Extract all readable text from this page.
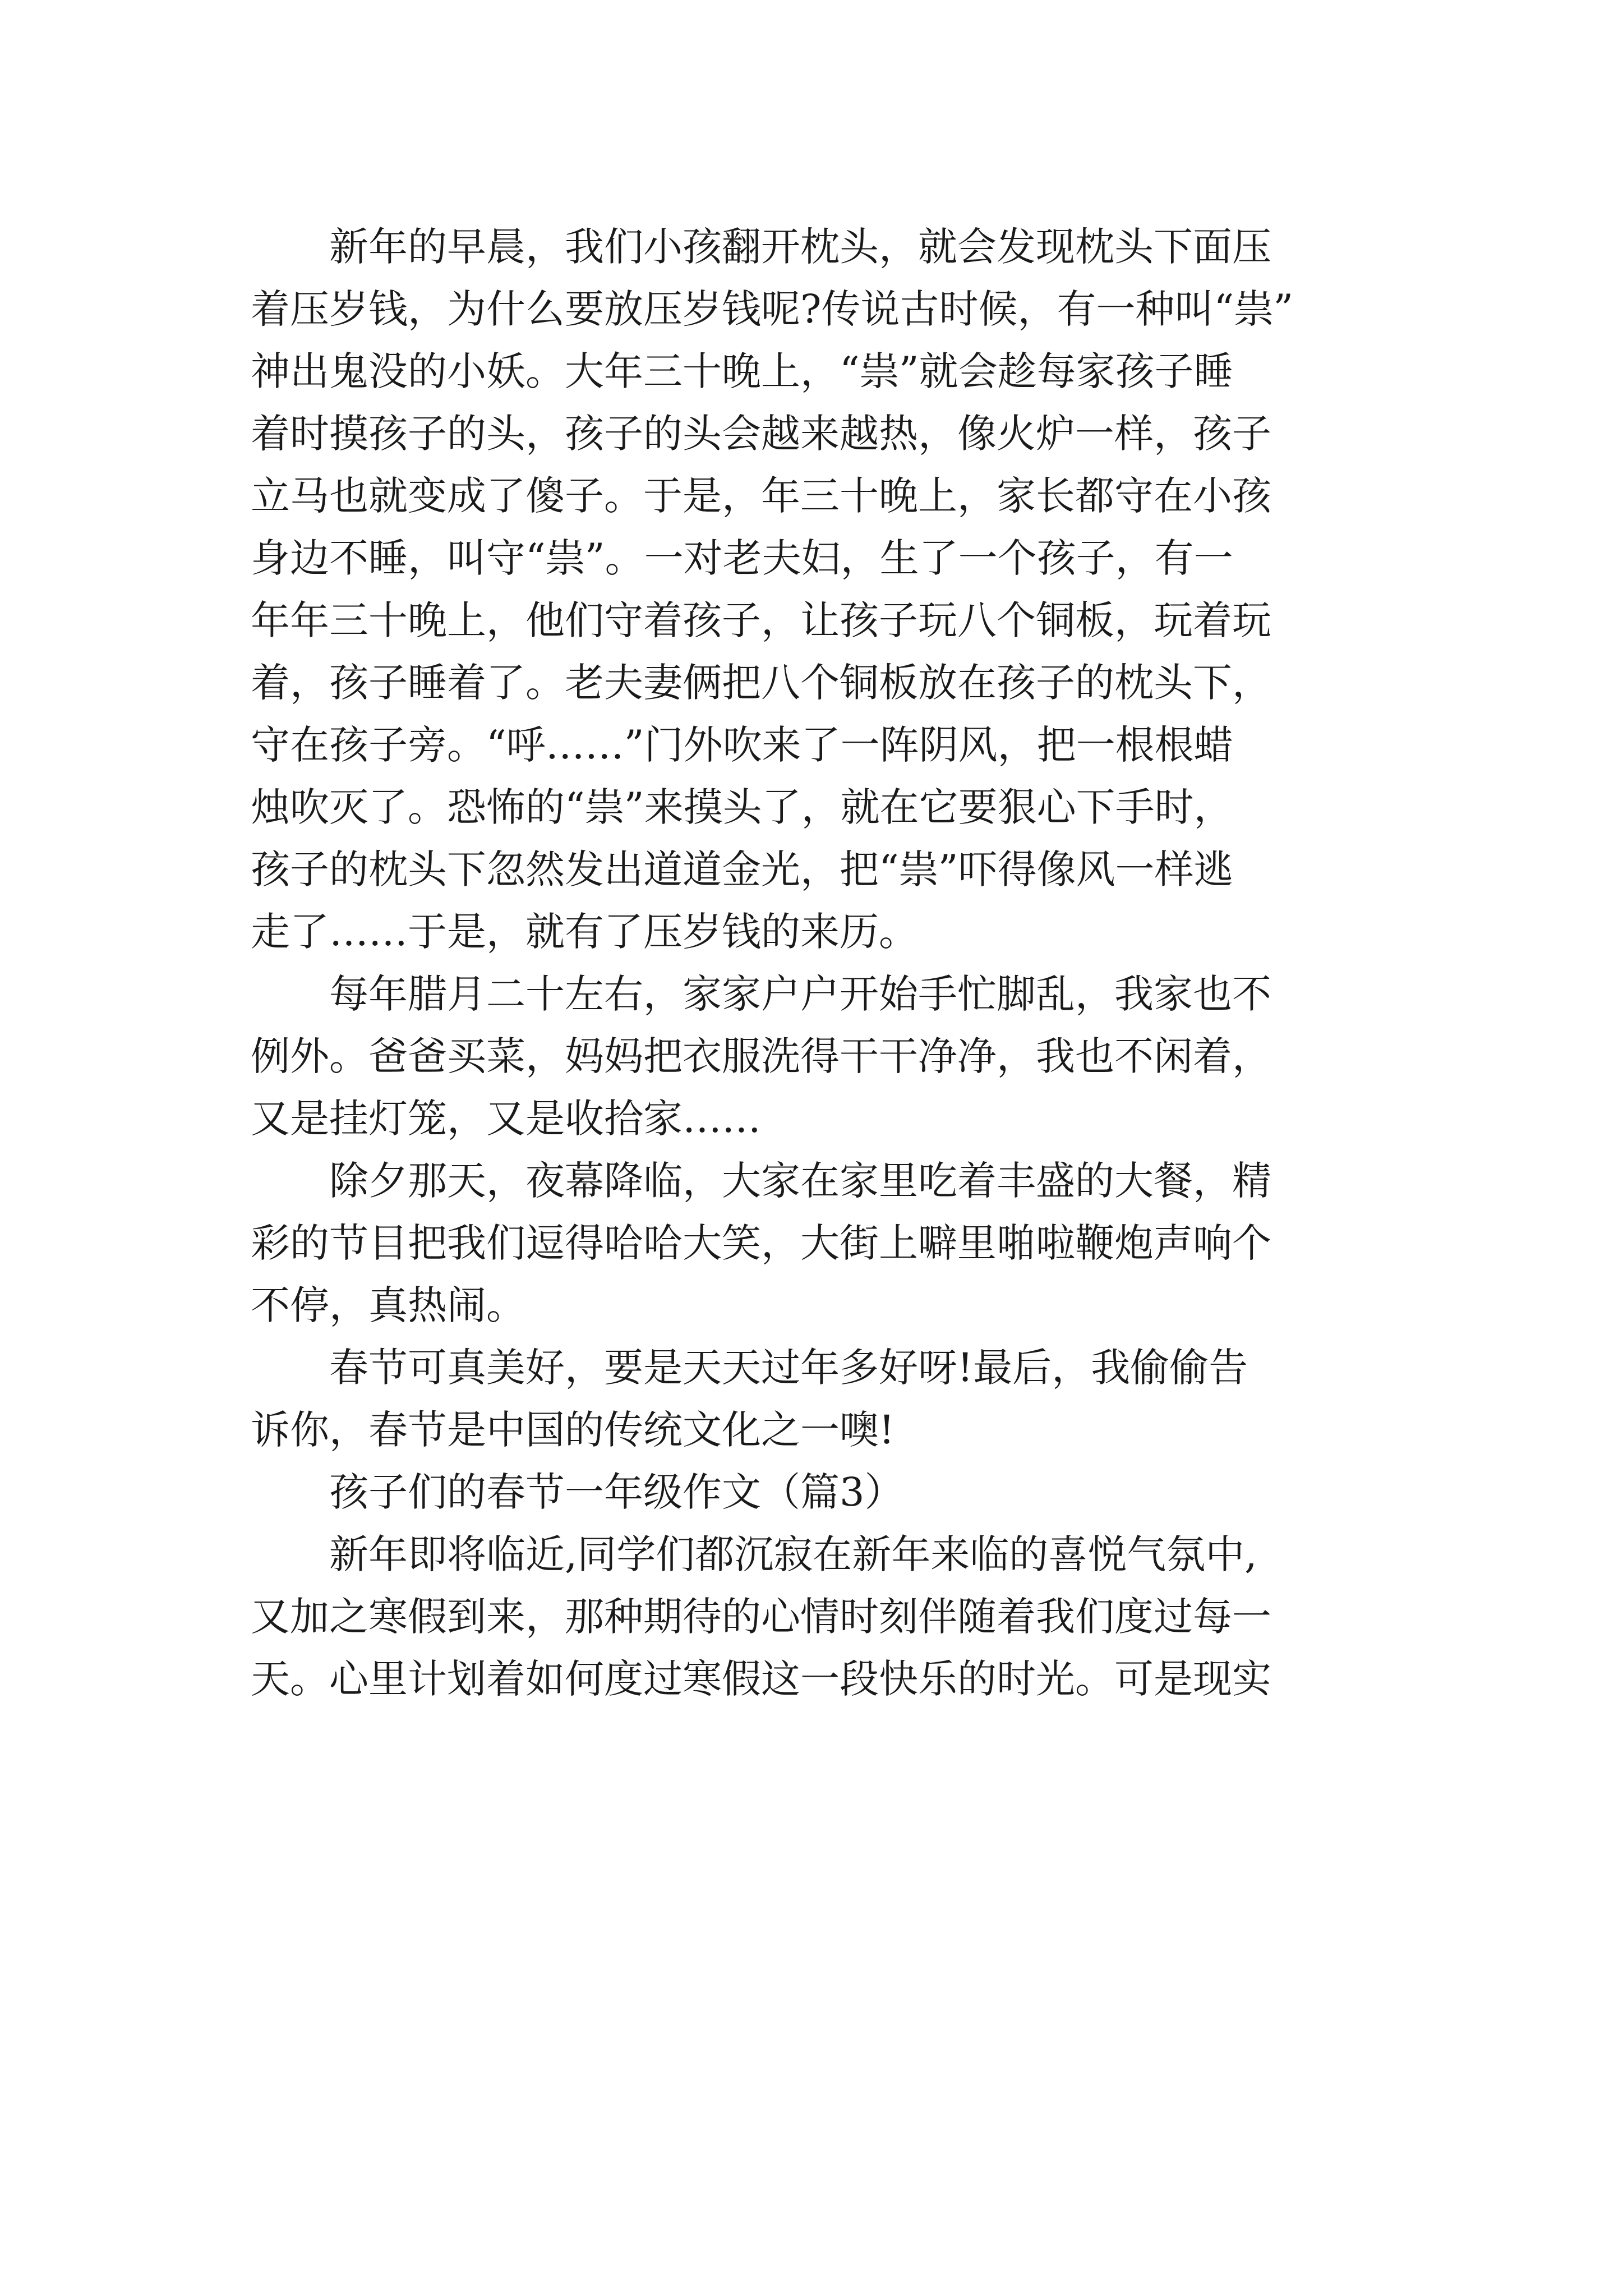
　　新年的早晨，我们小孩翻开枕头，就会发现枕头下面压
着压岁钱，为什么要放压岁钱呢?传说古时候，有一种叫“祟”
神出鬼没的小妖。大年三十晚上，“祟”就会趁每家孩子睡
着时摸孩子的头，孩子的头会越来越热，像火炉一样，孩子
立马也就变成了傻子。于是，年三十晚上，家长都守在小孩
身边不睡，叫守“祟”。一对老夫妇，生了一个孩子，有一
年年三十晚上，他们守着孩子，让孩子玩八个铜板，玩着玩
着，孩子睡着了。老夫妻俩把八个铜板放在孩子的枕头下，
守在孩子旁。“呼……”门外吹来了一阵阴风，把一根根蜡
烛吹灭了。恐怖的“祟”来摸头了，就在它要狠心下手时，
孩子的枕头下忽然发出道道金光，把“祟”吓得像风一样逃
走了……于是，就有了压岁钱的来历。
　　每年腊月二十左右，家家户户开始手忙脚乱，我家也不
例外。爸爸买菜，妈妈把衣服洗得干干净净，我也不闲着，
又是挂灯笼，又是收拾家……
　　除夕那天，夜幕降临，大家在家里吃着丰盛的大餐，精
彩的节目把我们逗得哈哈大笑，大街上噼里啪啦鞭炮声响个
不停，真热闹。
　　春节可真美好，要是天天过年多好呀!最后，我偷偷告
诉你，春节是中国的传统文化之一噢!
　　孩子们的春节一年级作文（篇3）
　　新年即将临近,同学们都沉寂在新年来临的喜悦气氛中,
又加之寒假到来，那种期待的心情时刻伴随着我们度过每一
天。心里计划着如何度过寒假这一段快乐的时光。可是现实
